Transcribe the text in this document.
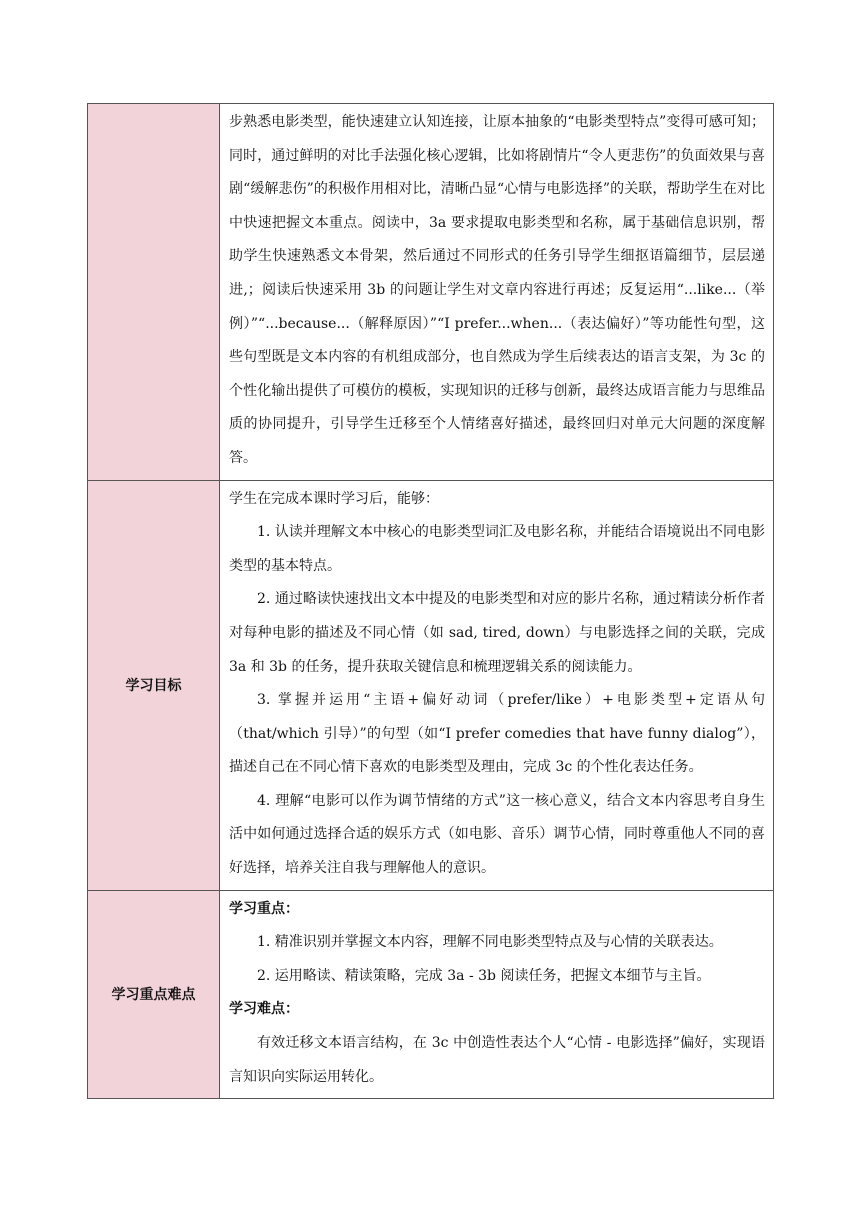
	步熟悉电影类型，能快速建立认知连接，让原本抽象的“电影类型特点”变得可感可知；同时，通过鲜明的对比手法强化核心逻辑，比如将剧情片“令人更悲伤”的负面效果与喜剧“缓解悲伤”的积极作用相对比，清晰凸显“心情与电影选择”的关联，帮助学生在对比中快速把握文本重点。阅读中，3a 要求提取电影类型和名称，属于基础信息识别，帮助学生快速熟悉文本骨架，然后通过不同形式的任务引导学生细抠语篇细节，层层递进,；阅读后快速采用 3b 的问题让学生对文章内容进行再述；反复运用“...like...（举例）”“...because...（解释原因）”“I prefer...when...（表达偏好）”等功能性句型，这些句型既是文本内容的有机组成部分，也自然成为学生后续表达的语言支架，为 3c 的个性化输出提供了可模仿的模板，实现知识的迁移与创新，最终达成语言能力与思维品质的协同提升，引导学生迁移至个人情绪喜好描述，最终回归对单元大问题的深度解答。

学习目标	学生在完成本课时学习后，能够：

1. 认读并理解文本中核心的电影类型词汇及电影名称，并能结合语境说出不同电影类型的基本特点。

2. 通过略读快速找出文本中提及的电影类型和对应的影片名称，通过精读分析作者对每种电影的描述及不同心情（如 sad, tired, down）与电影选择之间的关联，完成 3a 和 3b 的任务，提升获取关键信息和梳理逻辑关系的阅读能力。

3. 掌握并运用“主语+偏好动词（prefer/like）+电影类型+定语从句（that/which 引导）”的句型（如“I prefer comedies that have funny dialog”），描述自己在不同心情下喜欢的电影类型及理由，完成 3c 的个性化表达任务。

4. 理解“电影可以作为调节情绪的方式”这一核心意义，结合文本内容思考自身生活中如何通过选择合适的娱乐方式（如电影、音乐）调节心情，同时尊重他人不同的喜好选择，培养关注自我与理解他人的意识。

学习重点难点	学习重点：

1. 精准识别并掌握文本内容，理解不同电影类型特点及与心情的关联表达。

2. 运用略读、精读策略，完成 3a - 3b 阅读任务，把握文本细节与主旨。

学习难点：

有效迁移文本语言结构，在 3c 中创造性表达个人“心情 - 电影选择”偏好，实现语言知识向实际运用转化。
